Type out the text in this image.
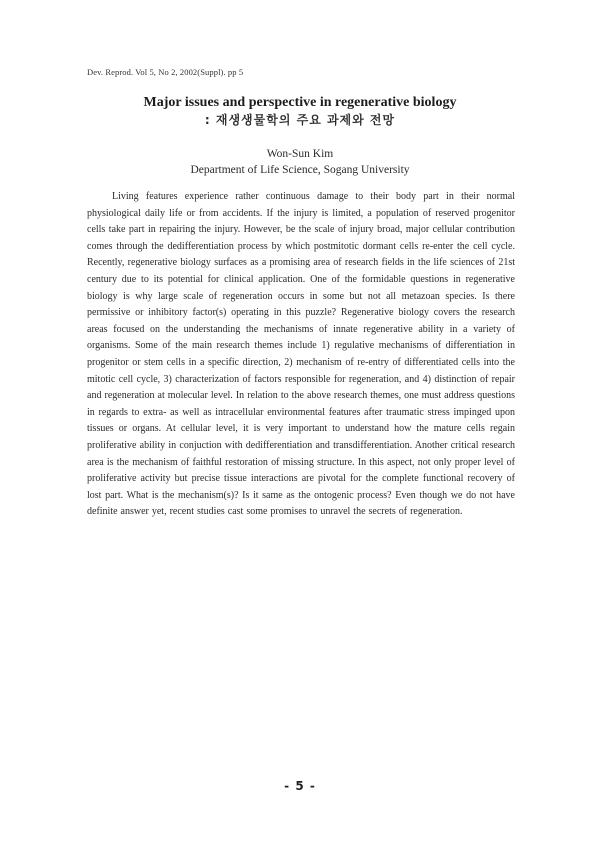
Dev. Reprod. Vol 5, No 2, 2002(Suppl). pp 5

Major issues and perspective in regenerative biology

: 재생생물학의 주요 과제와 전망

Won-Sun Kim

Department of Life Science, Sogang University

Living features experience rather continuous damage to their body part in their normal physiological daily life or from accidents. If the injury is limited, a population of reserved progenitor cells take part in repairing the injury. However, be the scale of injury broad, major cellular contribution comes through the dedifferentiation process by which postmitotic dormant cells re-enter the cell cycle. Recently, regenerative biology surfaces as a promising area of research fields in the life sciences of 21st century due to its potential for clinical application. One of the formidable questions in regenerative biology is why large scale of regeneration occurs in some but not all metazoan species. Is there permissive or inhibitory factor(s) operating in this puzzle? Regenerative biology covers the research areas focused on the understanding the mechanisms of innate regenerative ability in a variety of organisms. Some of the main research themes include 1) regulative mechanisms of differentiation in progenitor or stem cells in a specific direction, 2) mechanism of re-entry of differentiated cells into the mitotic cell cycle, 3) characterization of factors responsible for regeneration, and 4) distinction of repair and regeneration at molecular level. In relation to the above research themes, one must address questions in regards to extra- as well as intracellular environmental features after traumatic stress impinged upon tissues or organs. At cellular level, it is very important to understand how the mature cells regain proliferative ability in conjuction with dedifferentiation and transdifferentiation. Another critical research area is the mechanism of faithful restoration of missing structure. In this aspect, not only proper level of proliferative activity but precise tissue interactions are pivotal for the complete functional recovery of lost part. What is the mechanism(s)? Is it same as the ontogenic process? Even though we do not have definite answer yet, recent studies cast some promises to unravel the secrets of regeneration.

- 5 -
